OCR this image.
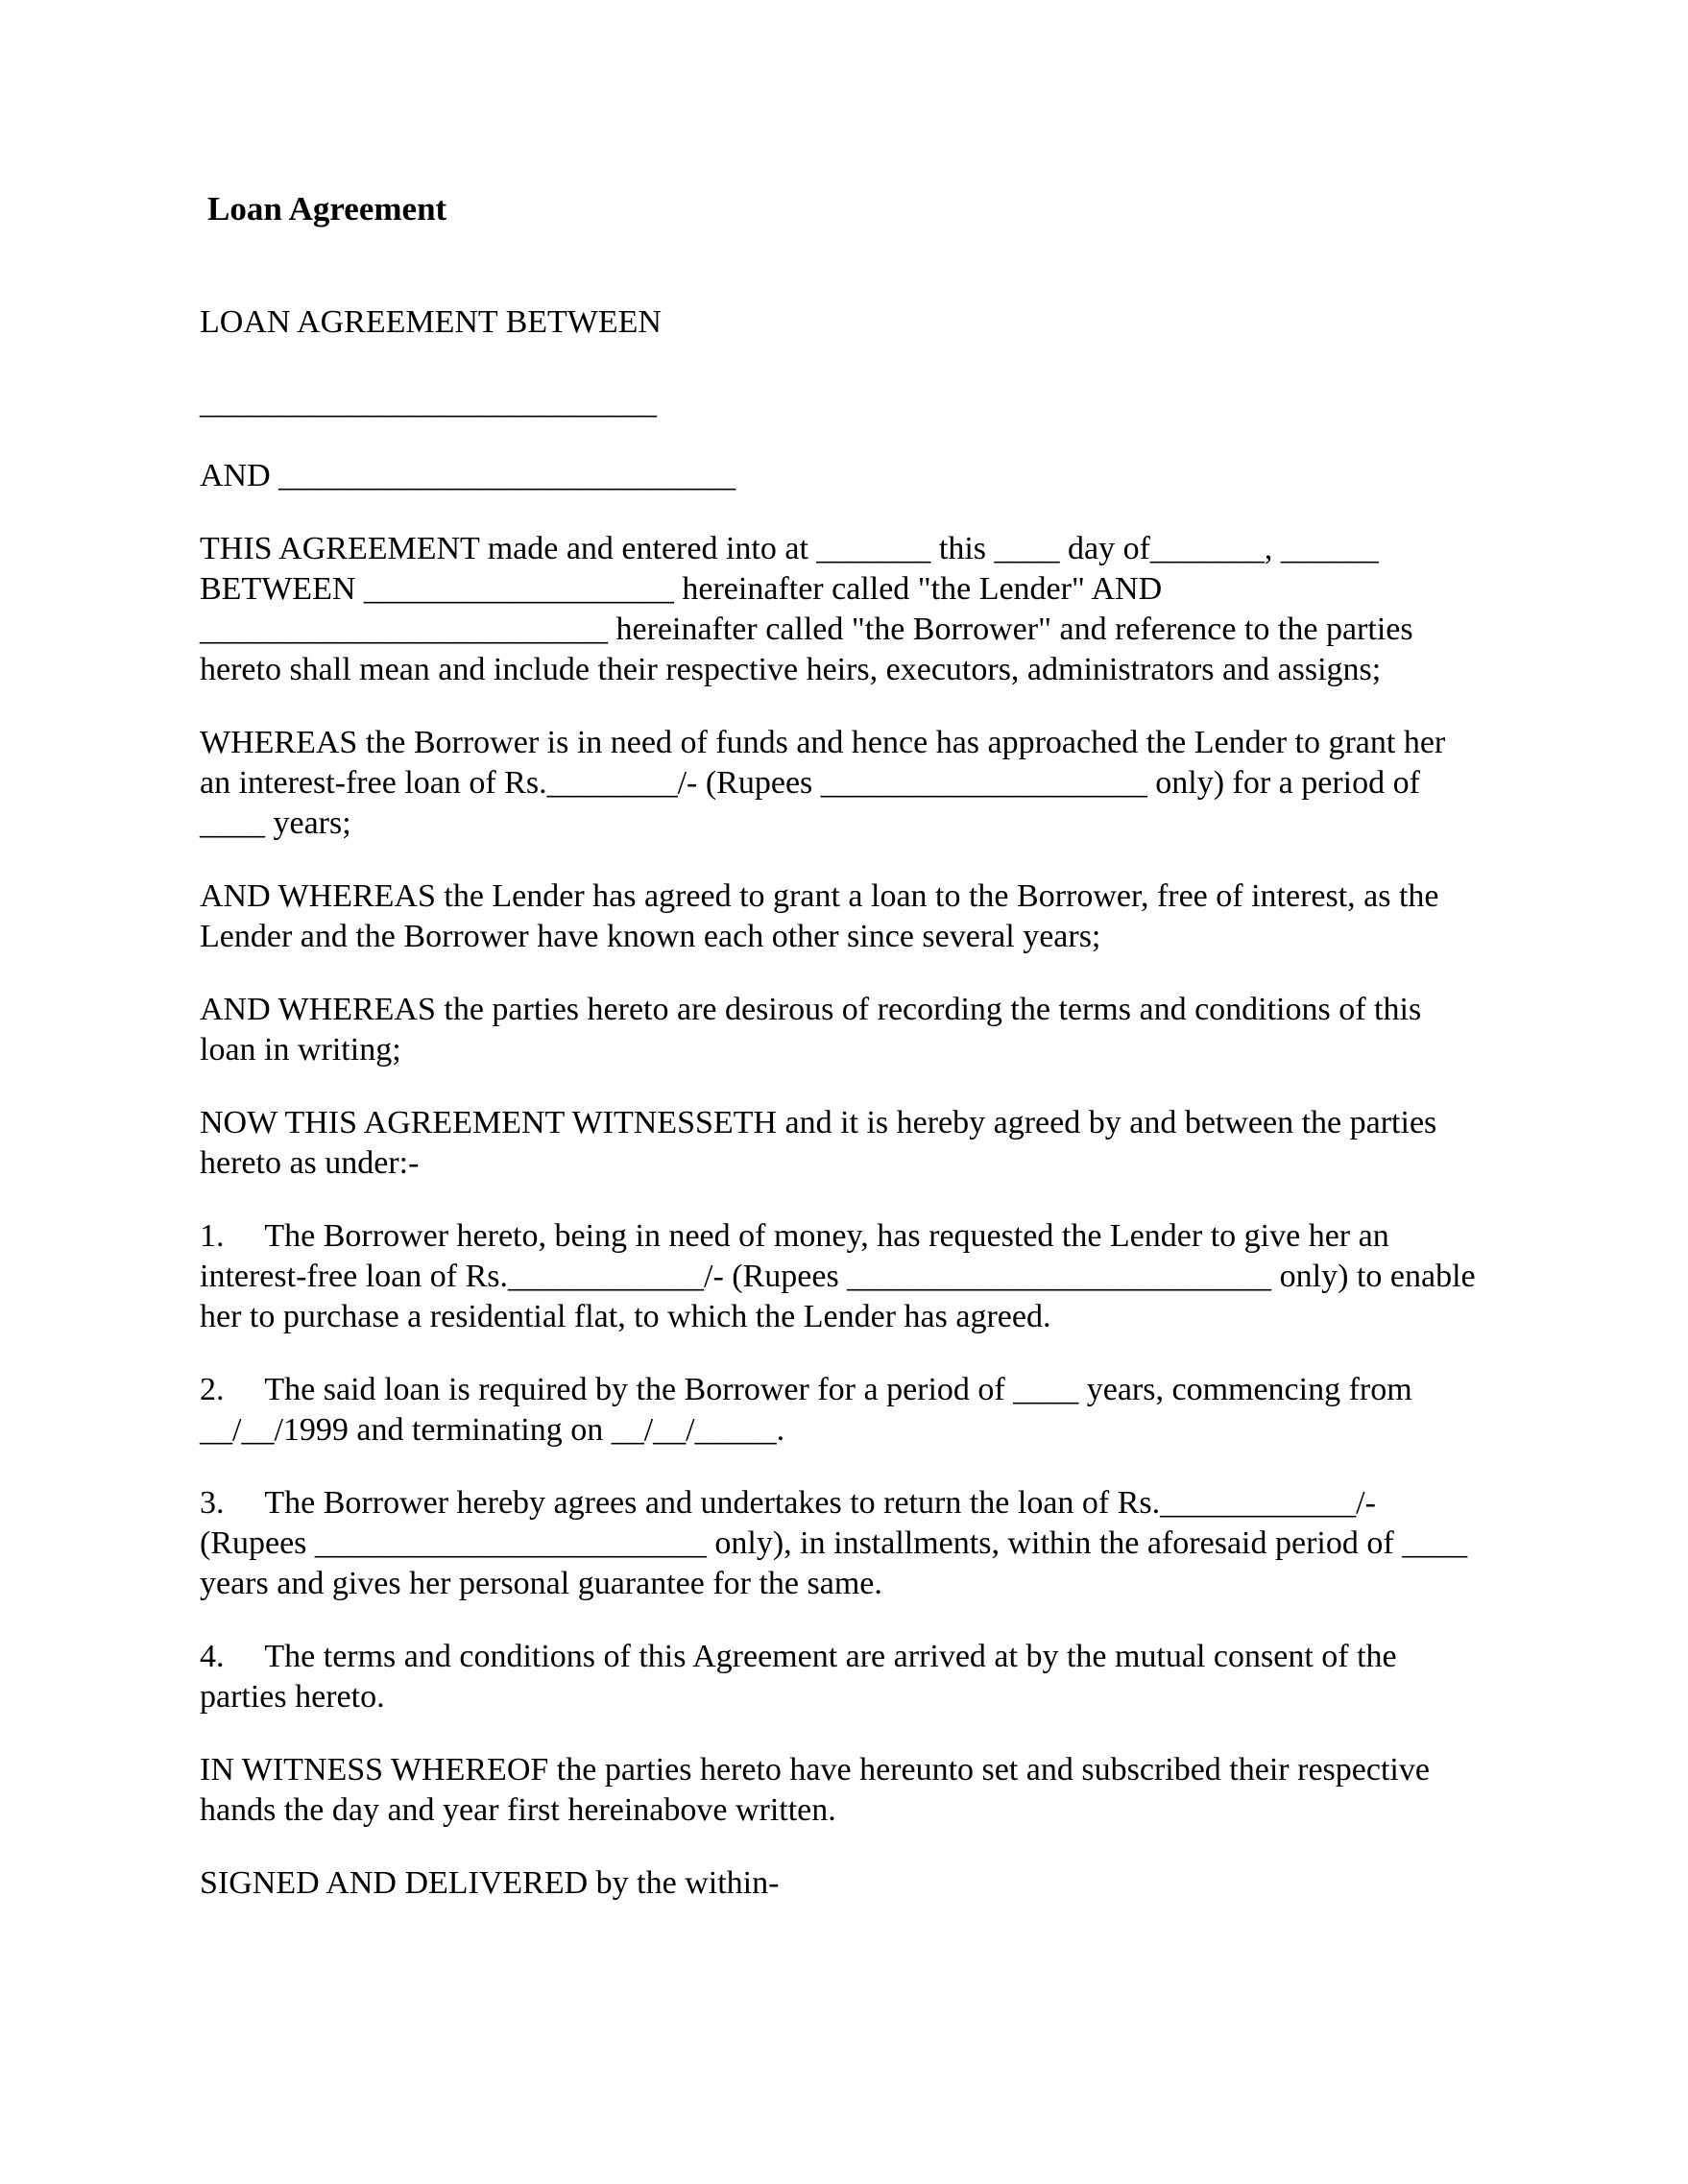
Loan Agreement
LOAN AGREEMENT BETWEEN
____________________________
AND ____________________________
THIS AGREEMENT made and entered into at _______ this ____ day of_______, ______
BETWEEN ___________________ hereinafter called "the Lender" AND
_________________________ hereinafter called "the Borrower" and reference to the parties
hereto shall mean and include their respective heirs, executors, administrators and assigns;
WHEREAS the Borrower is in need of funds and hence has approached the Lender to grant her
an interest-free loan of Rs.________/- (Rupees ____________________ only) for a period of
____ years;
AND WHEREAS the Lender has agreed to grant a loan to the Borrower, free of interest, as the
Lender and the Borrower have known each other since several years;
AND WHEREAS the parties hereto are desirous of recording the terms and conditions of this
loan in writing;
NOW THIS AGREEMENT WITNESSETH and it is hereby agreed by and between the parties
hereto as under:-
1.     The Borrower hereto, being in need of money, has requested the Lender to give her an
interest-free loan of Rs.____________/- (Rupees __________________________ only) to enable
her to purchase a residential flat, to which the Lender has agreed.
2.     The said loan is required by the Borrower for a period of ____ years, commencing from
__/__/1999 and terminating on __/__/_____.
3.     The Borrower hereby agrees and undertakes to return the loan of Rs.____________/-
(Rupees ________________________ only), in installments, within the aforesaid period of ____
years and gives her personal guarantee for the same.
4.     The terms and conditions of this Agreement are arrived at by the mutual consent of the
parties hereto.
IN WITNESS WHEREOF the parties hereto have hereunto set and subscribed their respective
hands the day and year first hereinabove written.
SIGNED AND DELIVERED by the within-
